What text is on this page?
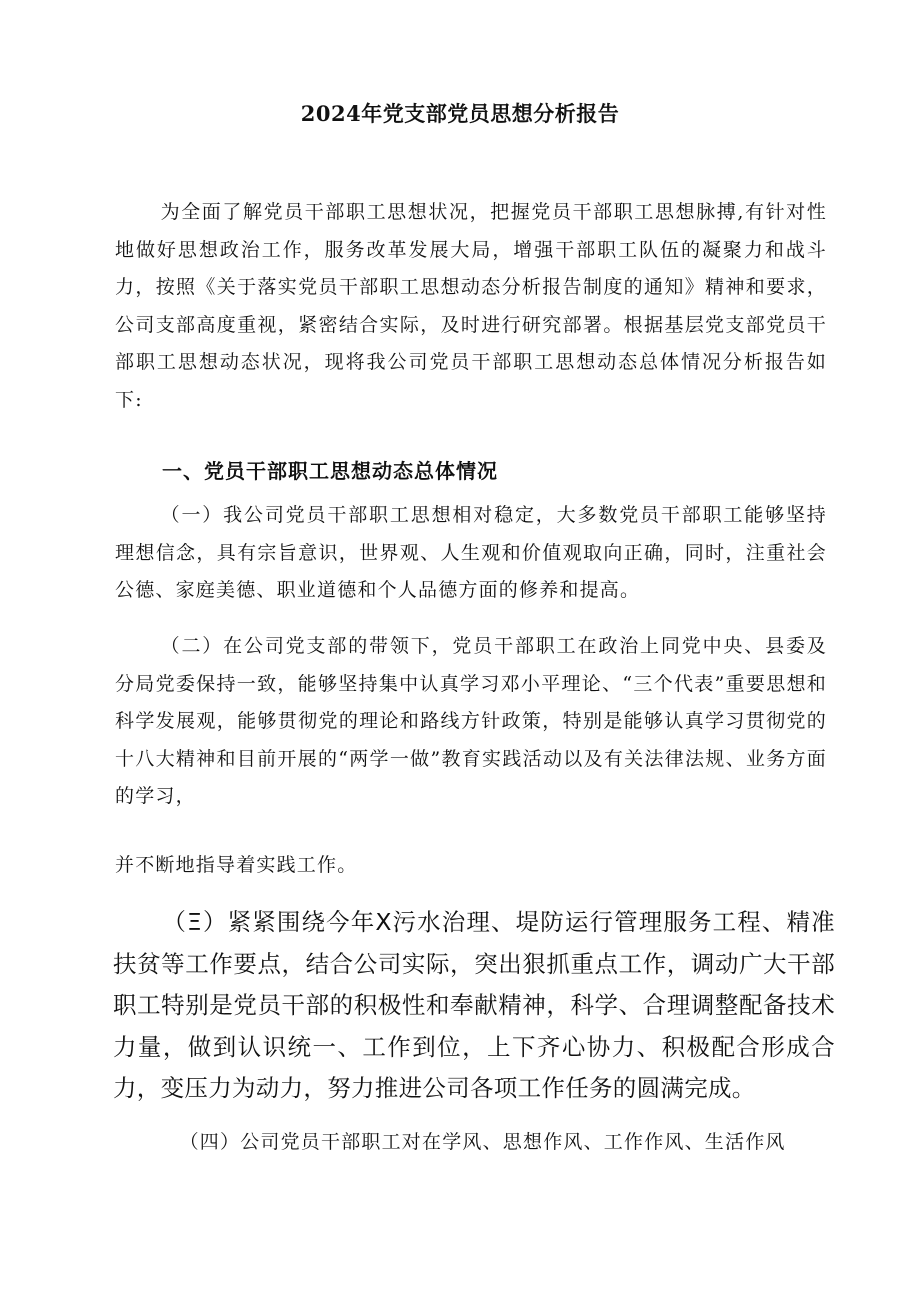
2024年党支部党员思想分析报告

为全面了解党员干部职工思想状况，把握党员干部职工思想脉搏,有针对性地做好思想政治工作，服务改革发展大局，增强干部职工队伍的凝聚力和战斗力，按照《关于落实党员干部职工思想动态分析报告制度的通知》精神和要求，公司支部高度重视，紧密结合实际，及时进行研究部署。根据基层党支部党员干部职工思想动态状况，现将我公司党员干部职工思想动态总体情况分析报告如下:

一、党员干部职工思想动态总体情况

（一）我公司党员干部职工思想相对稳定，大多数党员干部职工能够坚持理想信念，具有宗旨意识，世界观、人生观和价值观取向正确，同时，注重社会公德、家庭美德、职业道德和个人品德方面的修养和提高。

（二）在公司党支部的带领下，党员干部职工在政治上同党中央、县委及分局党委保持一致，能够坚持集中认真学习邓小平理论、“三个代表”重要思想和科学发展观，能够贯彻党的理论和路线方针政策，特别是能够认真学习贯彻党的十八大精神和目前开展的“两学一做”教育实践活动以及有关法律法规、业务方面的学习，

并不断地指导着实践工作。

（Ξ）紧紧围绕今年X污水治理、堤防运行管理服务工程、精准扶贫等工作要点，结合公司实际，突出狠抓重点工作，调动广大干部职工特别是党员干部的积极性和奉献精神，科学、合理调整配备技术力量，做到认识统一、工作到位，上下齐心协力、积极配合形成合力，变压力为动力，努力推进公司各项工作任务的圆满完成。

（四）公司党员干部职工对在学风、思想作风、工作作风、生活作风
